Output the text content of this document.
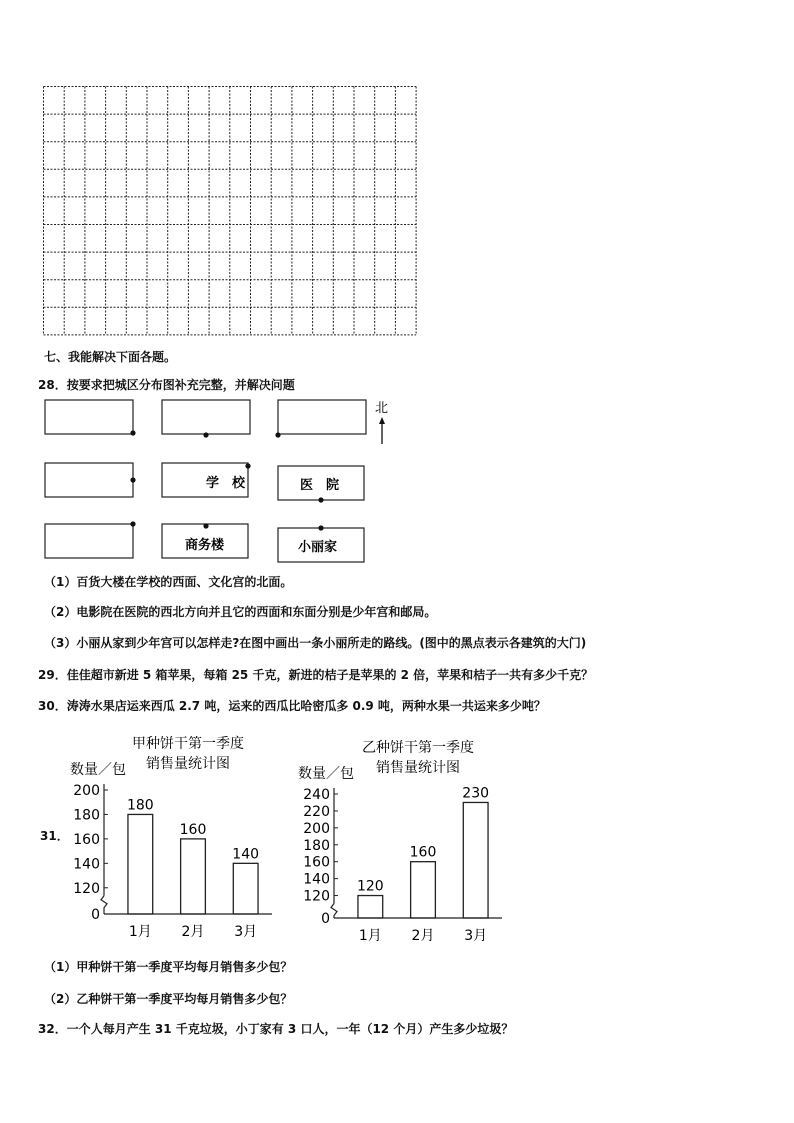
七、我能解决下面各题。
28．按要求把城区分布图补充完整，并解决问题
学　校	医　院
商务楼	小丽家
北
（1）百货大楼在学校的西面、文化宫的北面。
（2）电影院在医院的西北方向并且它的西面和东面分别是少年宫和邮局。
（3）小丽从家到少年宫可以怎样走?在图中画出一条小丽所走的路线。(图中的黑点表示各建筑的大门)
29．佳佳超市新进 5 箱苹果，每箱 25 千克，新进的桔子是苹果的 2 倍，苹果和桔子一共有多少千克？
30．涛涛水果店运来西瓜 2.7 吨，运来的西瓜比哈密瓜多 0.9 吨，两种水果一共运来多少吨？
31．
甲种饼干第一季度
销售量统计图
数量／包
0
120
140
160
180
200
180
1月
160
2月
140
3月
乙种饼干第一季度
销售量统计图
数量／包
0
120
140
160
180
200
220
240
120
1月
160
2月
230
3月
（1）甲种饼干第一季度平均每月销售多少包？
（2）乙种饼干第一季度平均每月销售多少包？
32．一个人每月产生 31 千克垃圾，小丁家有 3 口人，一年（12 个月）产生多少垃圾？
